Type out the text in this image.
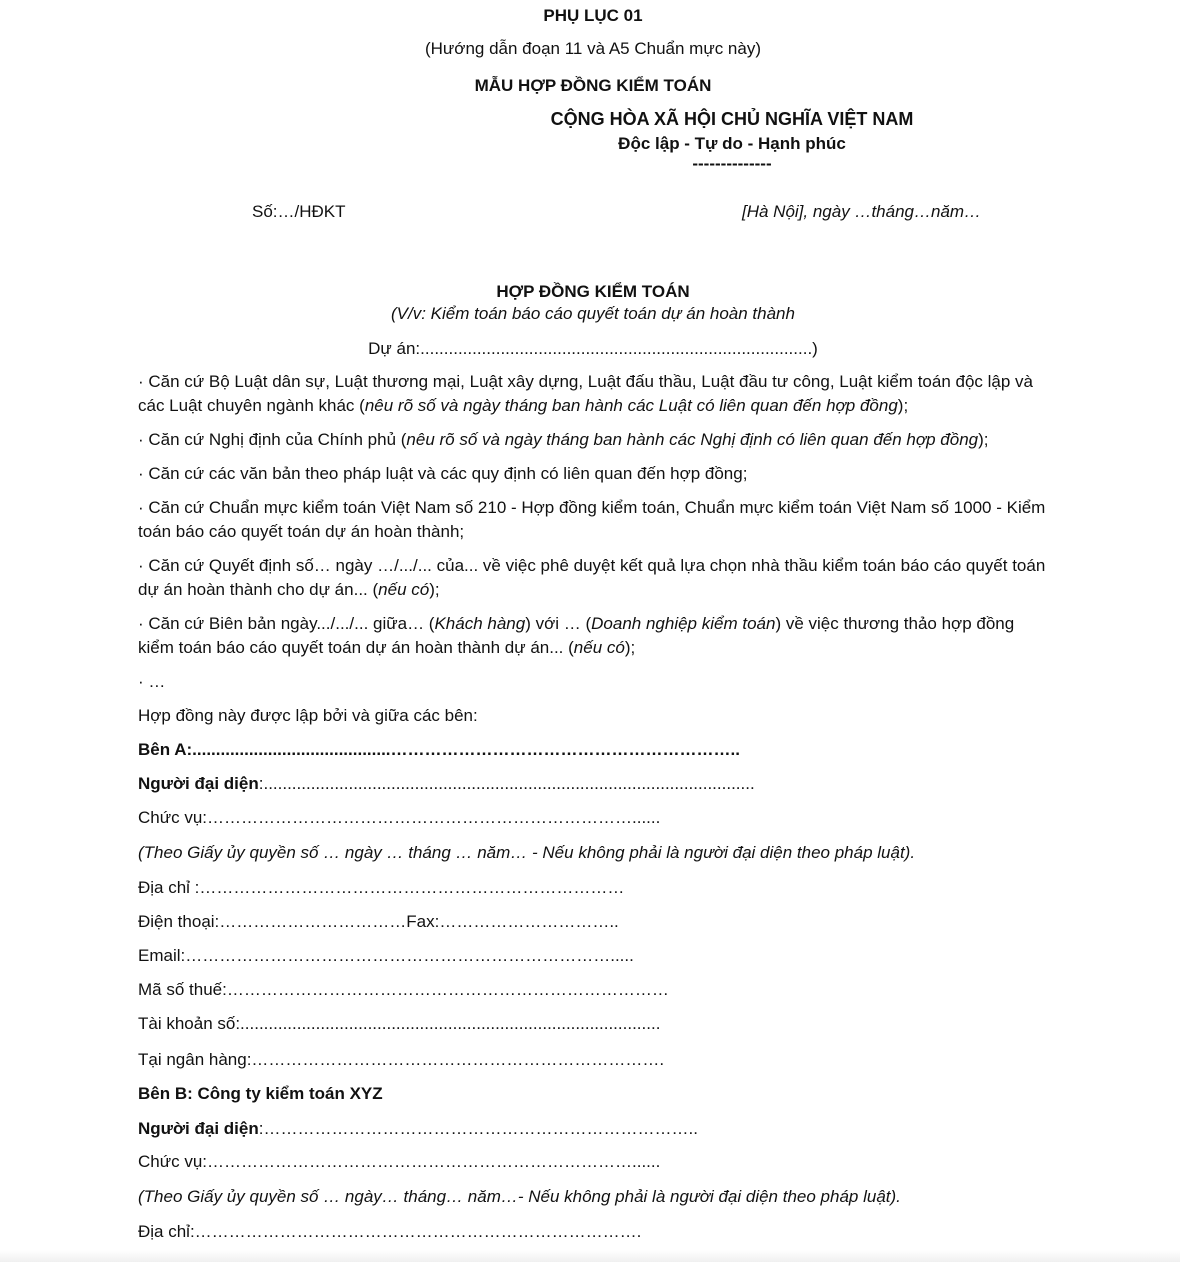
PHỤ LỤC 01
(Hướng dẫn đoạn 11 và A5 Chuẩn mực này)
MẪU HỢP ĐỒNG KIỂM TOÁN
CỘNG HÒA XÃ HỘI CHỦ NGHĨA VIỆT NAM
Độc lập - Tự do - Hạnh phúc
--------------
Số:…/HĐKT	[Hà Nội], ngày …tháng…năm…
HỢP ĐỒNG KIỂM TOÁN
(V/v: Kiểm toán báo cáo quyết toán dự án hoàn thành
Dự án:...................................................................................)
· Căn cứ Bộ Luật dân sự, Luật thương mại, Luật xây dựng, Luật đấu thầu, Luật đầu tư công, Luật kiểm toán độc lập và các Luật chuyên ngành khác (nêu rõ số và ngày tháng ban hành các Luật có liên quan đến hợp đồng);
· Căn cứ Nghị định của Chính phủ (nêu rõ số và ngày tháng ban hành các Nghị định có liên quan đến hợp đồng);
· Căn cứ các văn bản theo pháp luật và các quy định có liên quan đến hợp đồng;
· Căn cứ Chuẩn mực kiểm toán Việt Nam số 210 - Hợp đồng kiểm toán, Chuẩn mực kiểm toán Việt Nam số 1000 - Kiểm toán báo cáo quyết toán dự án hoàn thành;
· Căn cứ Quyết định số… ngày …/.../... của... về việc phê duyệt kết quả lựa chọn nhà thầu kiểm toán báo cáo quyết toán dự án hoàn thành cho dự án... (nếu có);
· Căn cứ Biên bản ngày.../.../... giữa… (Khách hàng) với … (Doanh nghiệp kiểm toán) về việc thương thảo hợp đồng kiểm toán báo cáo quyết toán dự án hoàn thành dự án... (nếu có);
· …
Hợp đồng này được lập bởi và giữa các bên:
Bên A:..........................................……………………………………………………..
Người đại diện:........................................................................................................
Chức vụ:…………………………………………………………………......
(Theo Giấy ủy quyền số … ngày … tháng … năm… - Nếu không phải là người đại diện theo pháp luật).
Địa chỉ :…………………………………………………………………
Điện thoại:……………………………Fax:…………………………..
Email:………………………………………………………………….....
Mã số thuế:……………………………………………………………………
Tài khoản số:.........................................................................................
Tại ngân hàng:……………………………………………………………….
Bên B: Công ty kiểm toán XYZ
Người đại diện:…………………………………………………………………..
Chức vụ:…………………………………………………………………......
(Theo Giấy ủy quyền số … ngày… tháng… năm…- Nếu không phải là người đại diện theo pháp luật).
Địa chỉ:…………………………………………………………………….
